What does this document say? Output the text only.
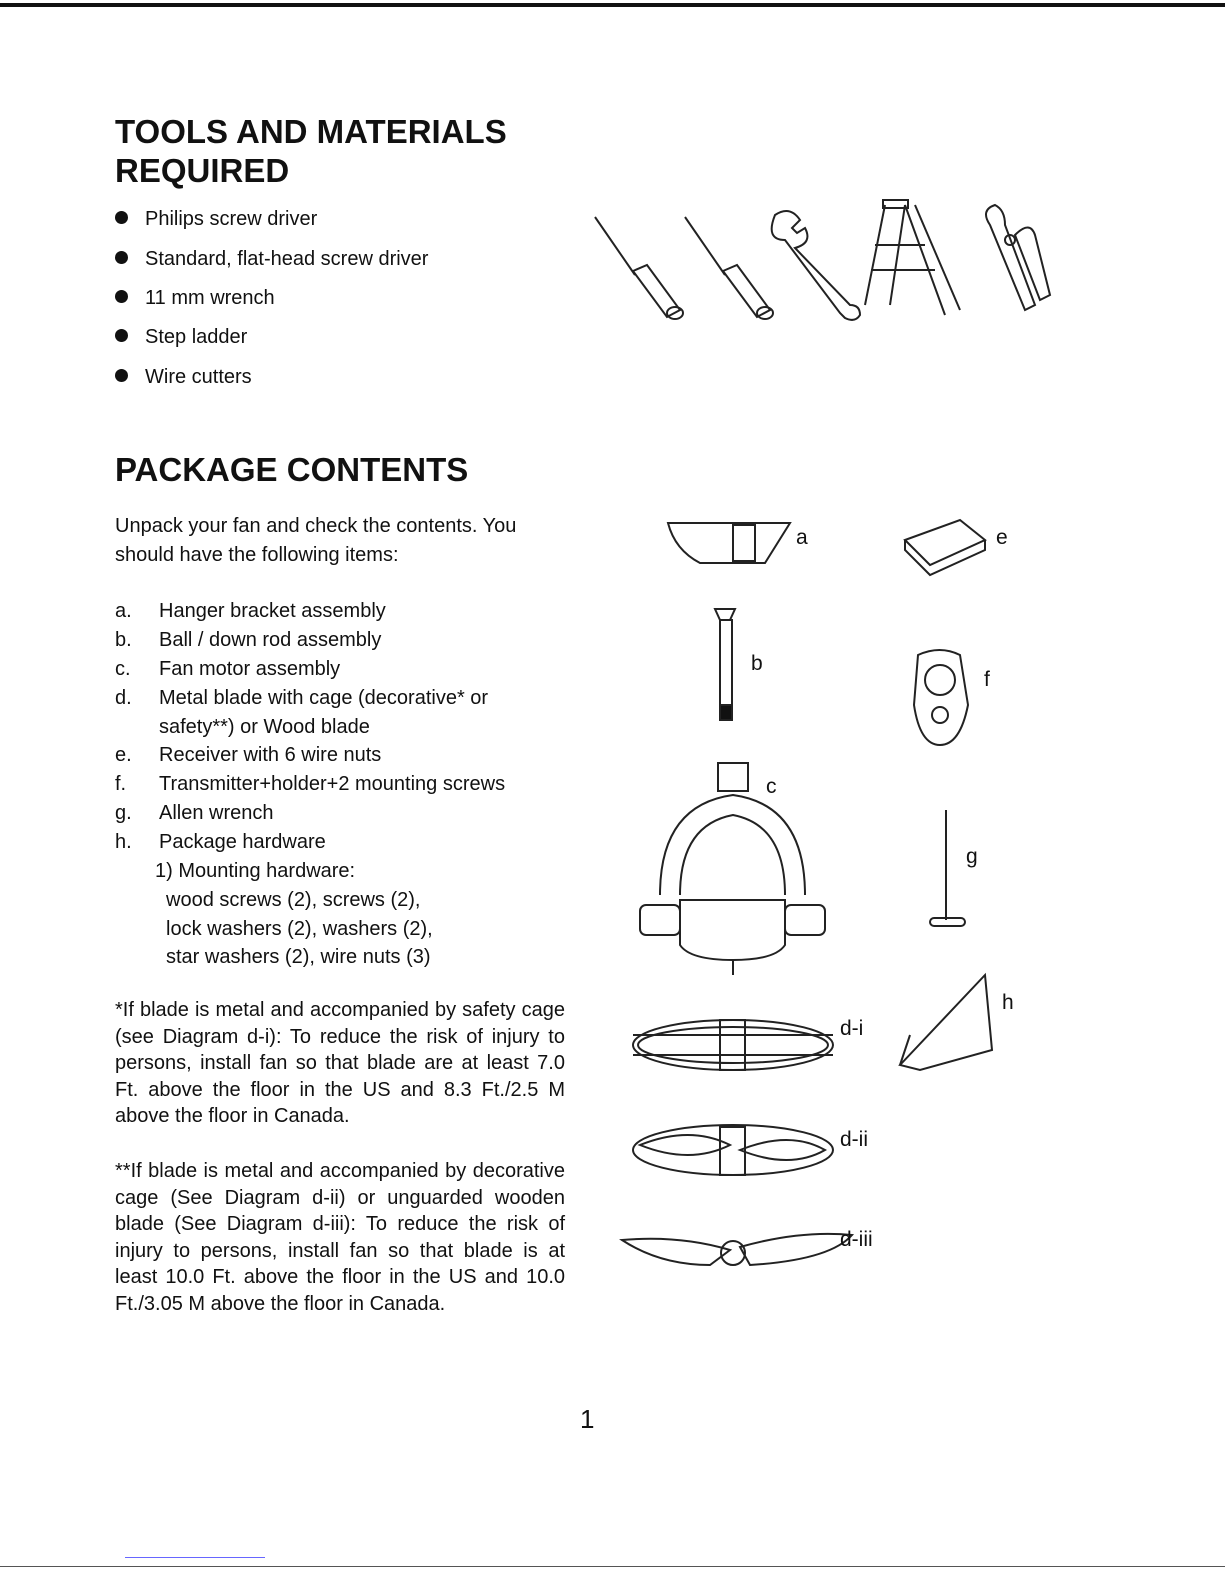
TOOLS AND MATERIALS
REQUIRED
Philips screw driver
Standard, flat-head screw driver
11 mm wrench
Step ladder
Wire cutters
PACKAGE CONTENTS
Unpack your fan and check the contents. You
should have the following items:
a. Hanger bracket assembly
b. Ball / down rod assembly
c. Fan motor assembly
d. Metal blade with cage (decorative* or
safety**) or Wood blade
e. Receiver with 6 wire nuts
f. Transmitter+holder+2 mounting screws
g. Allen wrench
h. Package hardware
1) Mounting hardware:
wood screws (2), screws (2),
lock washers (2), washers (2),
star washers (2), wire nuts (3)
*If blade is metal and accompanied by safety cage (see Diagram d-i): To reduce the risk of injury to persons, install fan so that blade are at least 7.0 Ft. above the floor in the US and 8.3 Ft./2.5 M above the floor in Canada.
**If blade is metal and accompanied by decorative cage (See Diagram d-ii) or unguarded wooden blade (See Diagram d-iii): To reduce the risk of injury to persons, install fan so that blade is at least 10.0 Ft. above the floor in the US and 10.0 Ft./3.05 M above the floor in Canada.
a	e
b
f
c
g
h
d-i
d-ii
d-iii
1
